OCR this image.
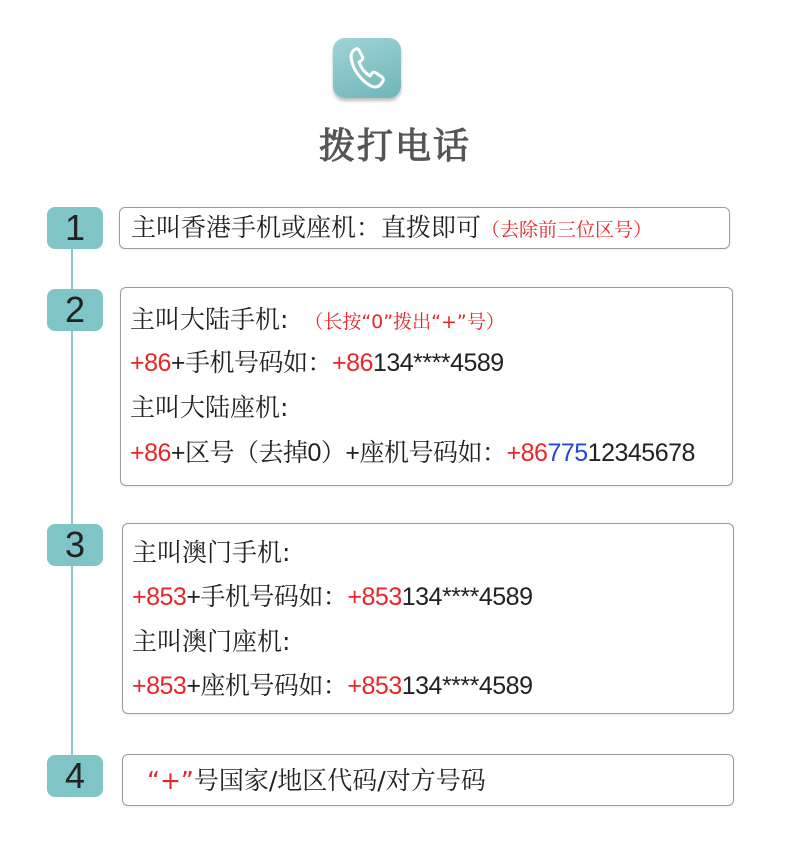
拨打电话
1	主叫香港手机或座机：直拨即可（去除前三位区号）
2	主叫大陆手机: （长按“0”拨出“+”号）
+86+手机号码如：+86134****4589
主叫大陆座机:
+86+区号（去掉0）+座机号码如：+8677512345678
3	主叫澳门手机:
+853+手机号码如：+853134****4589
主叫澳门座机:
+853+座机号码如：+853134****4589
4	“+”号国家/地区代码/对方号码
